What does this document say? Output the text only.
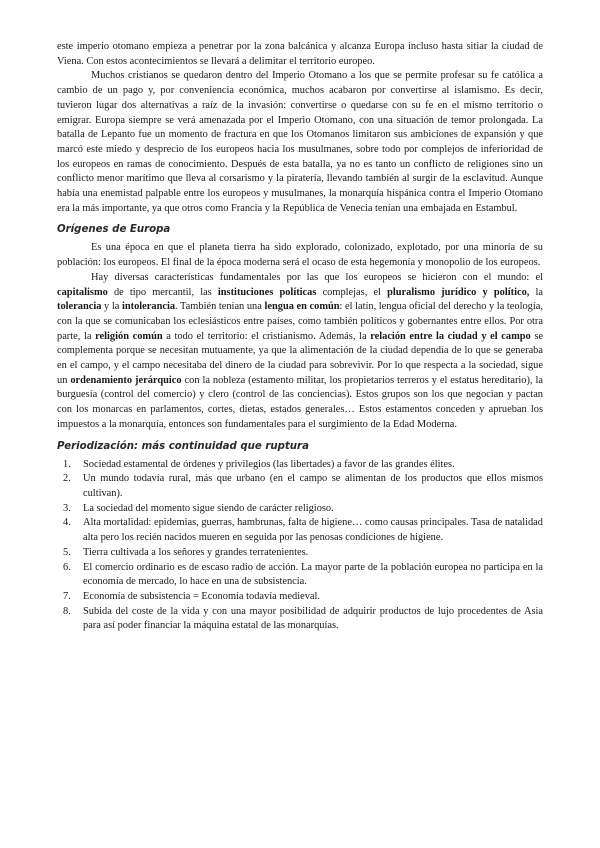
este imperio otomano empieza a penetrar por la zona balcánica y alcanza Europa incluso hasta sitiar la ciudad de Viena. Con estos acontecimientos se llevará a delimitar el territorio europeo.

Muchos cristianos se quedaron dentro del Imperio Otomano a los que se permite profesar su fe católica a cambio de un pago y, por conveniencia económica, muchos acabaron por convertirse al islamismo. Es decir, tuvieron lugar dos alternativas a raíz de la invasión: convertirse o quedarse con su fe en el mismo territorio o emigrar. Europa siempre se verá amenazada por el Imperio Otomano, con una situación de temor prolongada. La batalla de Lepanto fue un momento de fractura en que los Otomanos limitaron sus ambiciones de expansión y que marcó este miedo y desprecio de los europeos hacia los musulmanes, sobre todo por complejos de inferioridad de los europeos en ramas de conocimiento. Después de esta batalla, ya no es tanto un conflicto de religiones sino un conflicto menor marítimo que lleva al corsarismo y la piratería, llevando también al surgir de la esclavitud. Aunque había una enemistad palpable entre los europeos y musulmanes, la monarquía hispánica contra el Imperio Otomano era la más importante, ya que otros como Francia y la República de Venecia tenían una embajada en Estambul.

Orígenes de Europa

Es una época en que el planeta tierra ha sido explorado, colonizado, explotado, por una minoría de su población: los europeos. El final de la época moderna será el ocaso de esta hegemonía y monopolio de los europeos.

Hay diversas características fundamentales por las que los europeos se hicieron con el mundo: el capitalismo de tipo mercantil, las instituciones políticas complejas, el pluralismo jurídico y político, la tolerancia y la intolerancia. También tenían una lengua en común: el latín, lengua oficial del derecho y la teología, con la que se comunicaban los eclesiásticos entre países, como también políticos y gobernantes entre ellos. Por otra parte, la religión común a todo el territorio: el cristianismo. Además, la relación entre la ciudad y el campo se complementa porque se necesitan mutuamente, ya que la alimentación de la ciudad dependía de lo que se generaba en el campo, y el campo necesitaba del dinero de la ciudad para sobrevivir. Por lo que respecta a la sociedad, sigue un ordenamiento jerárquico con la nobleza (estamento militar, los propietarios terreros y el estatus hereditario), la burguesía (control del comercio) y clero (control de las conciencias). Estos grupos son los que negocian y pactan con los monarcas en parlamentos, cortes, dietas, estados generales… Estos estamentos conceden y aprueban los impuestos a la monarquía, entonces son fundamentales para el surgimiento de la Edad Moderna.

Periodización: más continuidad que ruptura
1. Sociedad estamental de órdenes y privilegios (las libertades) a favor de las grandes élites.
2. Un mundo todavía rural, más que urbano (en el campo se alimentan de los productos que ellos mismos cultivan).
3. La sociedad del momento sigue siendo de carácter religioso.
4. Alta mortalidad: epidemias, guerras, hambrunas, falta de higiene… como causas principales. Tasa de natalidad alta pero los recién nacidos mueren en seguida por las penosas condiciones de higiene.
5. Tierra cultivada a los señores y grandes terratenientes.
6. El comercio ordinario es de escaso radio de acción. La mayor parte de la población europea no participa en la economía de mercado, lo hace en una de subsistencia.
7. Economía de subsistencia = Economía todavía medieval.
8. Subida del coste de la vida y con una mayor posibilidad de adquirir productos de lujo procedentes de Asia para así poder financiar la máquina estatal de las monarquías.
